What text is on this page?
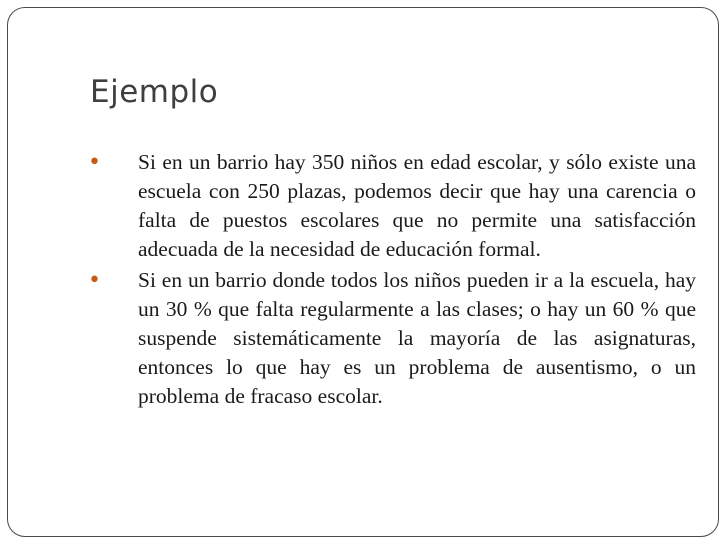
Ejemplo
• Si en un barrio hay 350 niños en edad escolar, y sólo existe una escuela con 250 plazas, podemos decir que hay una carencia o falta de puestos escolares que no permite una satisfacción adecuada de la necesidad de educación formal.
• Si en un barrio donde todos los niños pueden ir a la escuela, hay un 30 % que falta regularmente a las clases; o hay un 60 % que suspende sistemáticamente la mayoría de las asignaturas, entonces lo que hay es un problema de ausentismo, o un problema de fracaso escolar.
